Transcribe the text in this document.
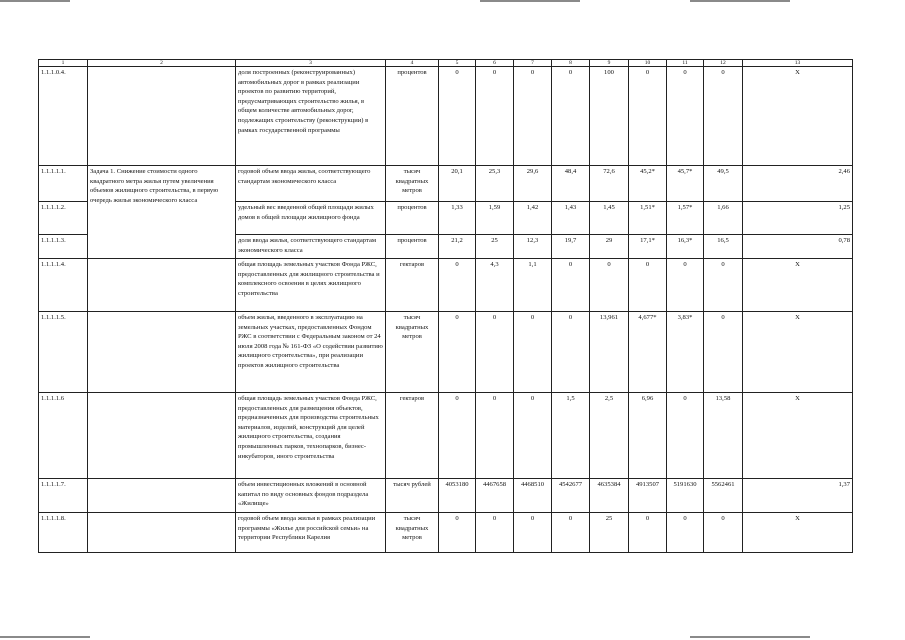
1	2	3	4	5	6	7	8	9	10	11	12	13
1.1.1.0.4.		доля построенных (реконструированных) автомобильных дорог в рамках реализации проектов по развитию территорий, предусматривающих строительство жилья, в общем количестве автомобильных дорог, подлежащих строительству (реконструкции) в рамках государственной программы	процентов	0	0	0	0	100	0	0	0	X
1.1.1.1.1.	Задача 1. Снижение стоимости одного квадратного метра жилья путем увеличения объемов жилищного строительства, в первую очередь жилья экономического класса	годовой объем ввода жилья, соответствующего стандартам экономического класса	тысяч квадратных метров	20,1	25,3	29,6	48,4	72,6	45,2*	45,7*	49,5	2,46
1.1.1.1.2.		удельный вес введенной общей площади жилых домов в общей площади жилищного фонда	процентов	1,33	1,59	1,42	1,43	1,45	1,51*	1,57*	1,66	1,25
1.1.1.1.3.		доля ввода жилья, соответствующего стандартам экономического класса	процентов	21,2	25	12,3	19,7	29	17,1*	16,3*	16,5	0,78
1.1.1.1.4.		общая площадь земельных участков Фонда РЖС, предоставленных для жилищного строительства и комплексного освоения в целях жилищного строительства	гектаров	0	4,3	1,1	0	0	0	0	0	X
1.1.1.1.5.		объем жилья, введенного в эксплуатацию на земельных участках, предоставленных Фондом РЖС в соответствии с Федеральным законом от 24 июля 2008 года № 161-ФЗ «О содействии развитию жилищного строительства», при реализации проектов жилищного строительства	тысяч квадратных метров	0	0	0	0	13,961	4,677*	3,83*	0	X
1.1.1.1.6		общая площадь земельных участков Фонда РЖС, предоставленных для размещения объектов, предназначенных для производства строительных материалов, изделий, конструкций для целей жилищного строительства, создания промышленных парков, технопарков, бизнес-инкубаторов, иного строительства	гектаров	0	0	0	1,5	2,5	6,96	0	13,58	X
1.1.1.1.7.		объем инвестиционных вложений в основной капитал по виду основных фондов подраздела «Жилище»	тысяч рублей	4053180	4467658	4468510	4542677	4635384	4913507	5191630	5562461	1,37
1.1.1.1.8.		годовой объем ввода жилья в рамках реализации программы «Жилье для российской семьи» на территории Республики Карелия	тысяч квадратных метров	0	0	0	0	25	0	0	0	X
